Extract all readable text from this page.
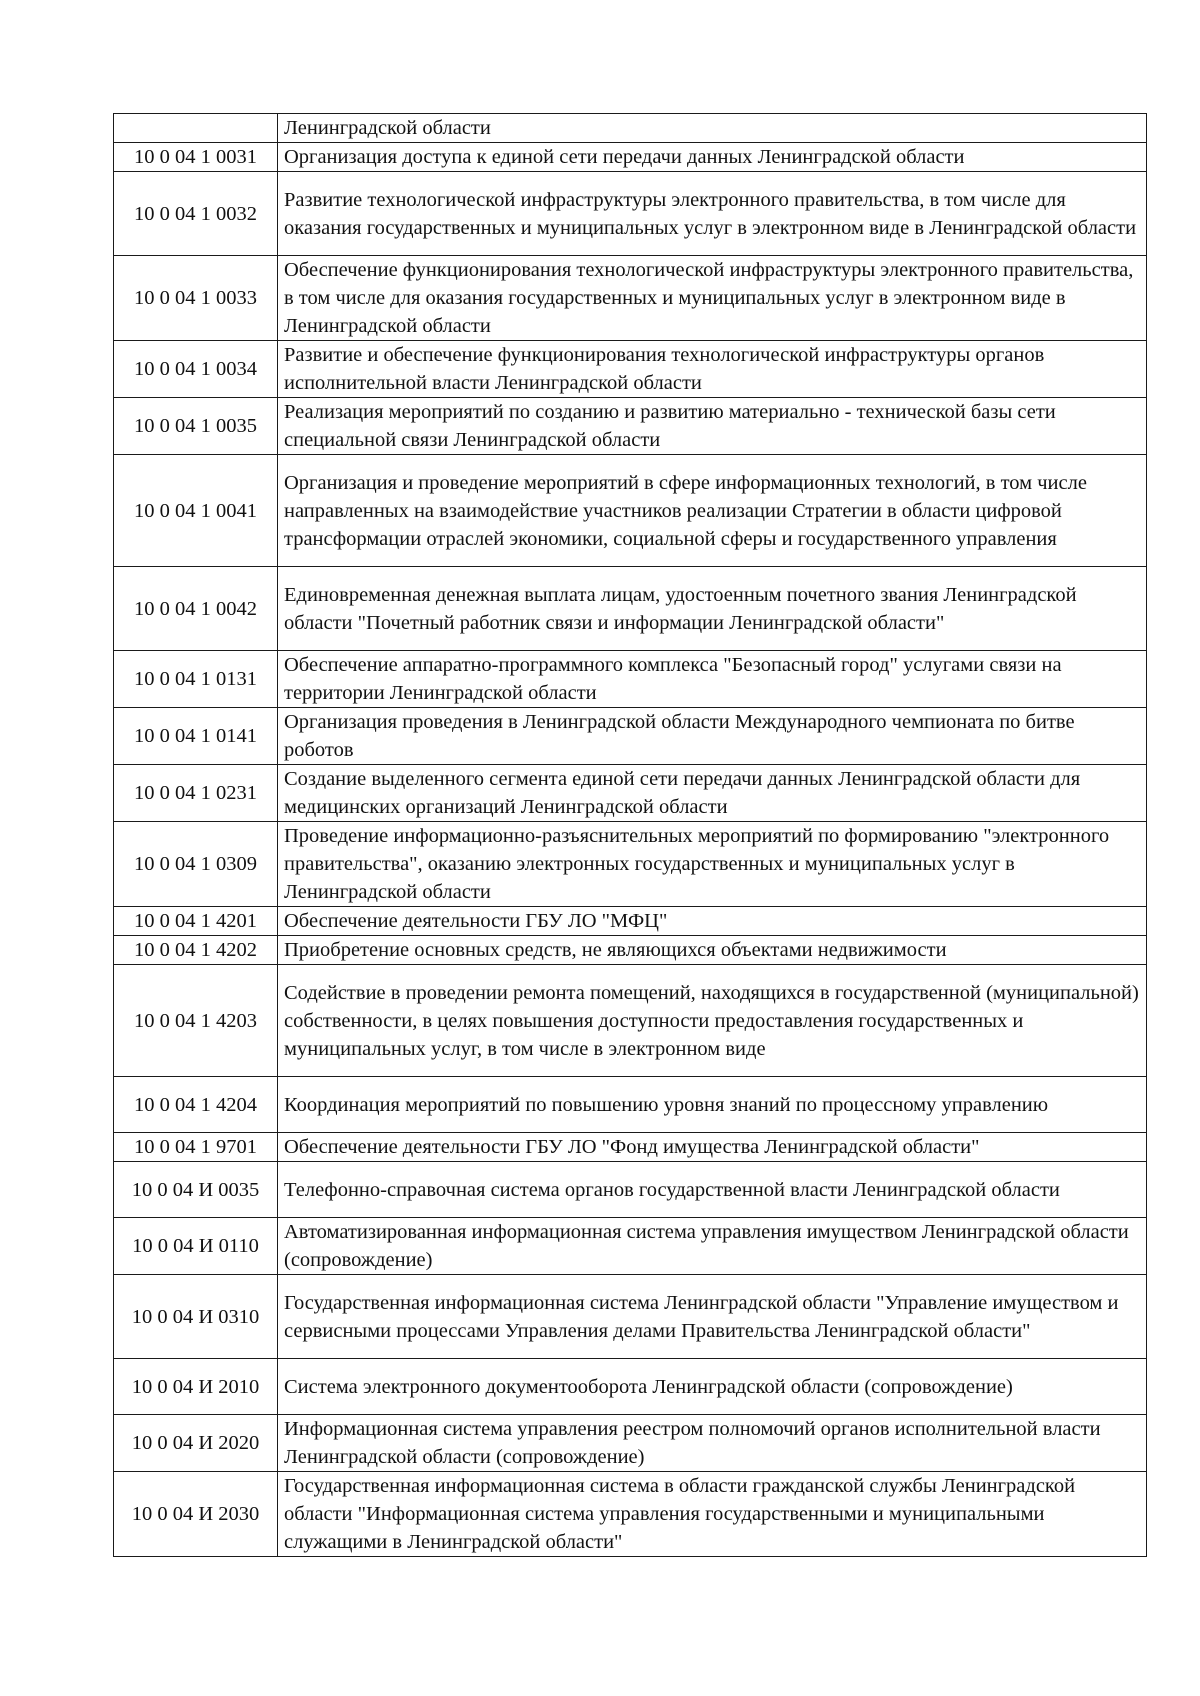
	Ленинградской области
10 0 04 1 0031	Организация доступа к единой сети передачи данных Ленинградской области
10 0 04 1 0032	Развитие технологической инфраструктуры электронного правительства, в том числе для оказания государственных и муниципальных услуг в электронном виде в Ленинградской области
10 0 04 1 0033	Обеспечение функционирования технологической инфраструктуры электронного правительства, в том числе для оказания государственных и муниципальных услуг в электронном виде в Ленинградской области
10 0 04 1 0034	Развитие и обеспечение функционирования технологической инфраструктуры органов исполнительной власти Ленинградской области
10 0 04 1 0035	Реализация мероприятий по созданию и развитию материально - технической базы сети специальной связи Ленинградской области
10 0 04 1 0041	Организация и проведение мероприятий в сфере информационных технологий, в том числе направленных на взаимодействие участников реализации Стратегии в области цифровой трансформации отраслей экономики, социальной сферы и государственного управления
10 0 04 1 0042	Единовременная денежная выплата лицам, удостоенным почетного звания Ленинградской области "Почетный работник связи и информации Ленинградской области"
10 0 04 1 0131	Обеспечение аппаратно-программного комплекса "Безопасный город" услугами связи на территории Ленинградской области
10 0 04 1 0141	Организация проведения в Ленинградской области Международного чемпионата по битве роботов
10 0 04 1 0231	Создание выделенного сегмента единой сети передачи данных Ленинградской области для медицинских организаций Ленинградской области
10 0 04 1 0309	Проведение информационно-разъяснительных мероприятий по формированию "электронного правительства", оказанию электронных государственных и муниципальных услуг в Ленинградской области
10 0 04 1 4201	Обеспечение деятельности ГБУ ЛО "МФЦ"
10 0 04 1 4202	Приобретение основных средств, не являющихся объектами недвижимости
10 0 04 1 4203	Содействие в проведении ремонта помещений, находящихся в государственной (муниципальной) собственности, в целях повышения доступности предоставления государственных и муниципальных услуг, в том числе в электронном виде
10 0 04 1 4204	Координация мероприятий по повышению уровня знаний по процессному управлению
10 0 04 1 9701	Обеспечение деятельности ГБУ ЛО "Фонд имущества Ленинградской области"
10 0 04 И 0035	Телефонно-справочная система органов государственной власти Ленинградской области
10 0 04 И 0110	Автоматизированная информационная система управления имуществом Ленинградской области (сопровождение)
10 0 04 И 0310	Государственная информационная система Ленинградской области "Управление имуществом и сервисными процессами Управления делами Правительства Ленинградской области"
10 0 04 И 2010	Система электронного документооборота Ленинградской области (сопровождение)
10 0 04 И 2020	Информационная система управления реестром полномочий органов исполнительной власти Ленинградской области (сопровождение)
10 0 04 И 2030	Государственная информационная система в области гражданской службы Ленинградской области "Информационная система управления государственными и муниципальными служащими в Ленинградской области"
